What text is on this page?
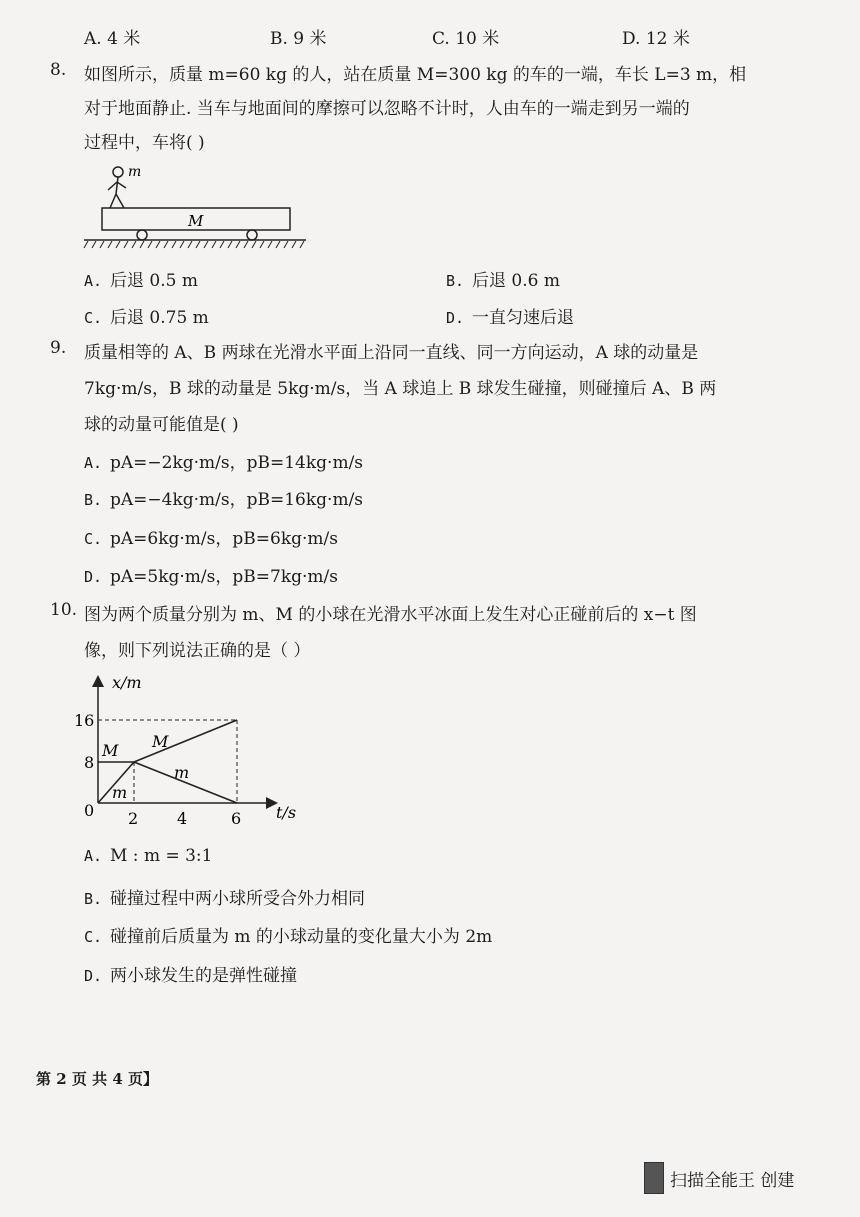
A. 4 米	B. 9 米	C. 10 米	D. 12 米
8. 如图所示，质量 m=60 kg 的人，站在质量 M=300 kg 的车的一端，车长 L=3 m，相
对于地面静止. 当车与地面间的摩擦可以忽略不计时，人由车的一端走到另一端的
过程中，车将( )
m
M
A. 后退 0.5 m	B. 后退 0.6 m
C. 后退 0.75 m	D. 一直匀速后退
9. 质量相等的 A、B 两球在光滑水平面上沿同一直线、同一方向运动，A 球的动量是
7kg·m/s，B 球的动量是 5kg·m/s，当 A 球追上 B 球发生碰撞，则碰撞后 A、B 两
球的动量可能值是( )
A. pA=−2kg·m/s，pB=14kg·m/s
B. pA=−4kg·m/s，pB=16kg·m/s
C. pA=6kg·m/s，pB=6kg·m/s
D. pA=5kg·m/s，pB=7kg·m/s
10. 图为两个质量分别为 m、M 的小球在光滑水平冰面上发生对心正碰前后的 x−t 图
像，则下列说法正确的是（ ）
x/m
t/s
0
8
16
2 4	6
M M
m
m
A. M : m = 3:1
B. 碰撞过程中两小球所受合外力相同
C. 碰撞前后质量为 m 的小球动量的变化量大小为 2m
D. 两小球发生的是弹性碰撞
第 2 页 共 4 页】
扫描全能王 创建
